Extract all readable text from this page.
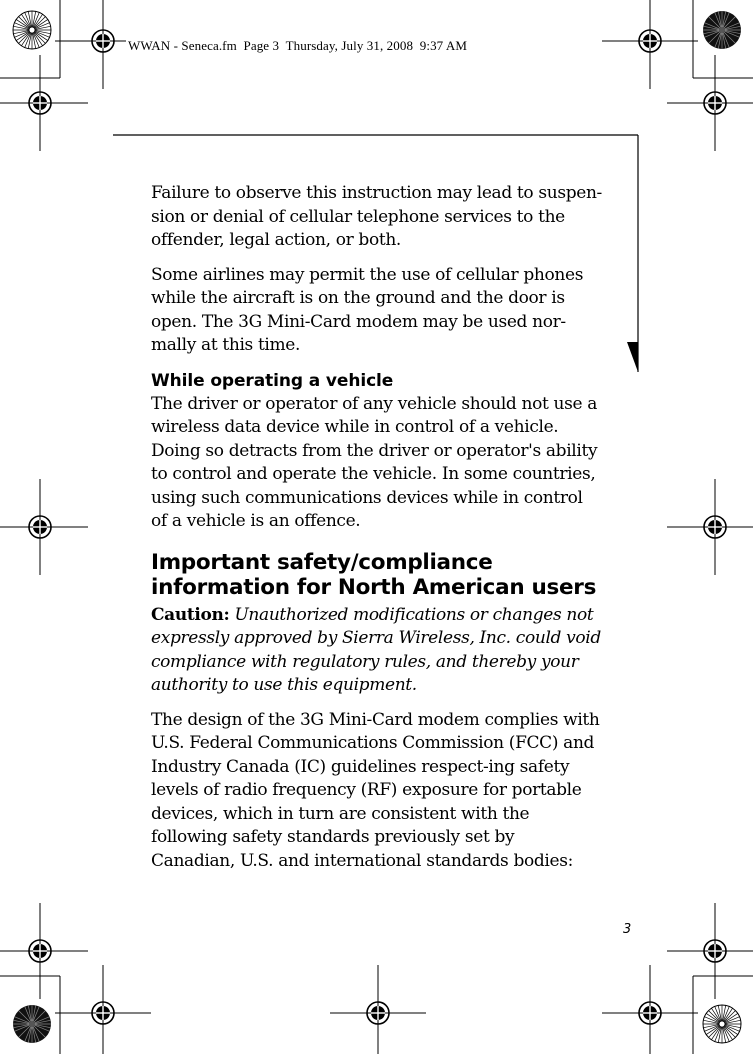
WWAN - Seneca.fm  Page 3  Thursday, July 31, 2008  9:37 AM

Failure to observe this instruction may lead to suspen-sion or denial of cellular telephone services to the offender, legal action, or both.

Some airlines may permit the use of cellular phones while the aircraft is on the ground and the door is open. The 3G Mini-Card modem may be used nor-mally at this time.

While operating a vehicle

The driver or operator of any vehicle should not use a wireless data device while in control of a vehicle. Doing so detracts from the driver or operator's ability to control and operate the vehicle. In some countries, using such communications devices while in control of a vehicle is an offence.

Important safety/compliance information for North American users

Caution: Unauthorized modifications or changes not expressly approved by Sierra Wireless, Inc. could void compliance with regulatory rules, and thereby your authority to use this equipment.

The design of the 3G Mini-Card modem complies with U.S. Federal Communications Commission (FCC) and Industry Canada (IC) guidelines respect-ing safety levels of radio frequency (RF) exposure for portable devices, which in turn are consistent with the following safety standards previously set by Canadian, U.S. and international standards bodies:

3
